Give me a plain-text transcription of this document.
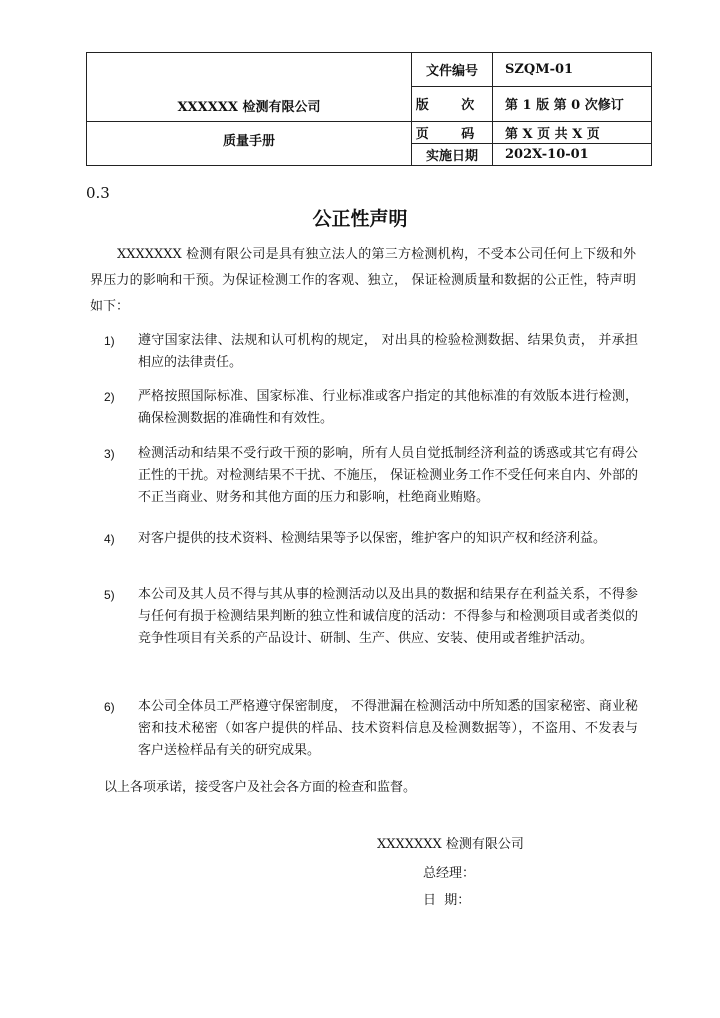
XXXXXX 检测有限公司	文件编号	SZQM-01
	版 次	第 1 版 第 0 次修订
质量手册	页 码	第 X 页 共 X 页
	实施日期	202X-10-01
0.3
公正性声明
XXXXXXX 检测有限公司是具有独立法人的第三方检测机构，不受本公司任何上下级和外界压力的影响和干预。为保证检测工作的客观、独立， 保证检测质量和数据的公正性，特声明如下：
1) 遵守国家法律、法规和认可机构的规定， 对出具的检验检测数据、结果负责， 并承担相应的法律责任。
2) 严格按照国际标准、国家标准、行业标准或客户指定的其他标准的有效版本进行检测，确保检测数据的准确性和有效性。
3) 检测活动和结果不受行政干预的影响，所有人员自觉抵制经济利益的诱惑或其它有碍公正性的干扰。对检测结果不干扰、不施压， 保证检测业务工作不受任何来自内、外部的不正当商业、财务和其他方面的压力和影响，杜绝商业贿赂。
4) 对客户提供的技术资料、检测结果等予以保密，维护客户的知识产权和经济利益。
5) 本公司及其人员不得与其从事的检测活动以及出具的数据和结果存在利益关系，不得参与任何有损于检测结果判断的独立性和诚信度的活动：不得参与和检测项目或者类似的竞争性项目有关系的产品设计、研制、生产、供应、安装、使用或者维护活动。
6) 本公司全体员工严格遵守保密制度， 不得泄漏在检测活动中所知悉的国家秘密、商业秘密和技术秘密（如客户提供的样品、技术资料信息及检测数据等），不盗用、不发表与客户送检样品有关的研究成果。
以上各项承诺，接受客户及社会各方面的检查和监督。
XXXXXXX 检测有限公司
总经理：
日  期：
